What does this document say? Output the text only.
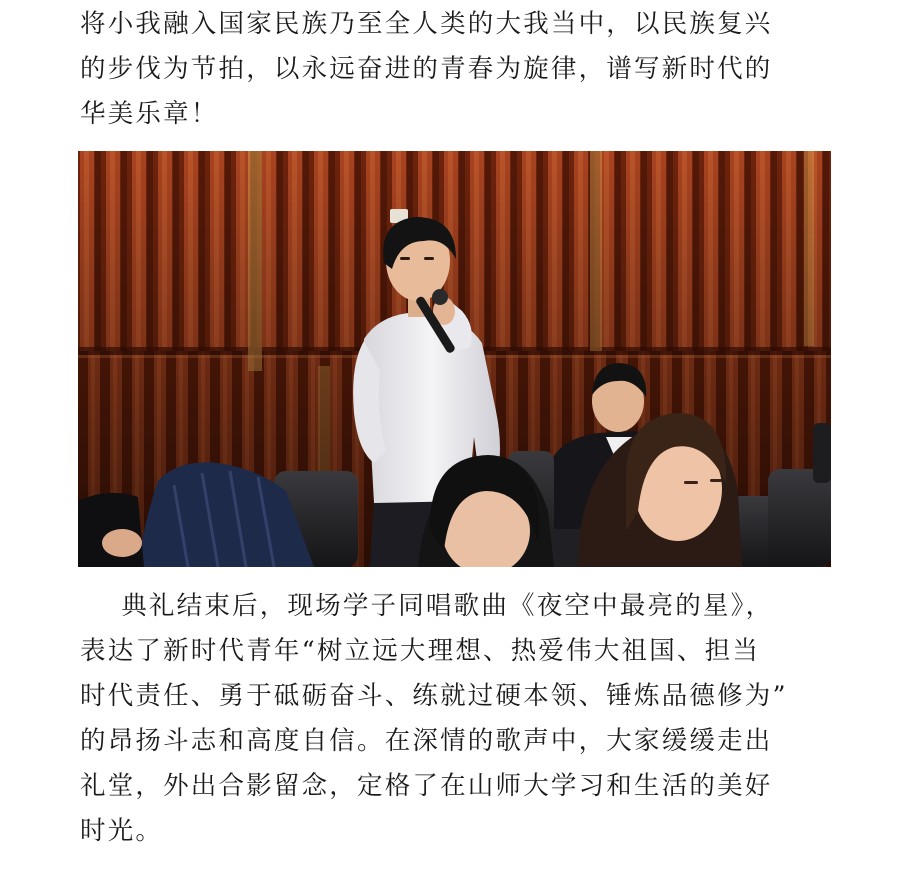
将小我融入国家民族乃至全人类的大我当中，以民族复兴
的步伐为节拍，以永远奋进的青春为旋律，谱写新时代的
华美乐章！

典礼结束后，现场学子同唱歌曲《夜空中最亮的星》，
表达了新时代青年“树立远大理想、热爱伟大祖国、担当
时代责任、勇于砥砺奋斗、练就过硬本领、锤炼品德修为”
的昂扬斗志和高度自信。在深情的歌声中，大家缓缓走出
礼堂，外出合影留念，定格了在山师大学习和生活的美好
时光。
